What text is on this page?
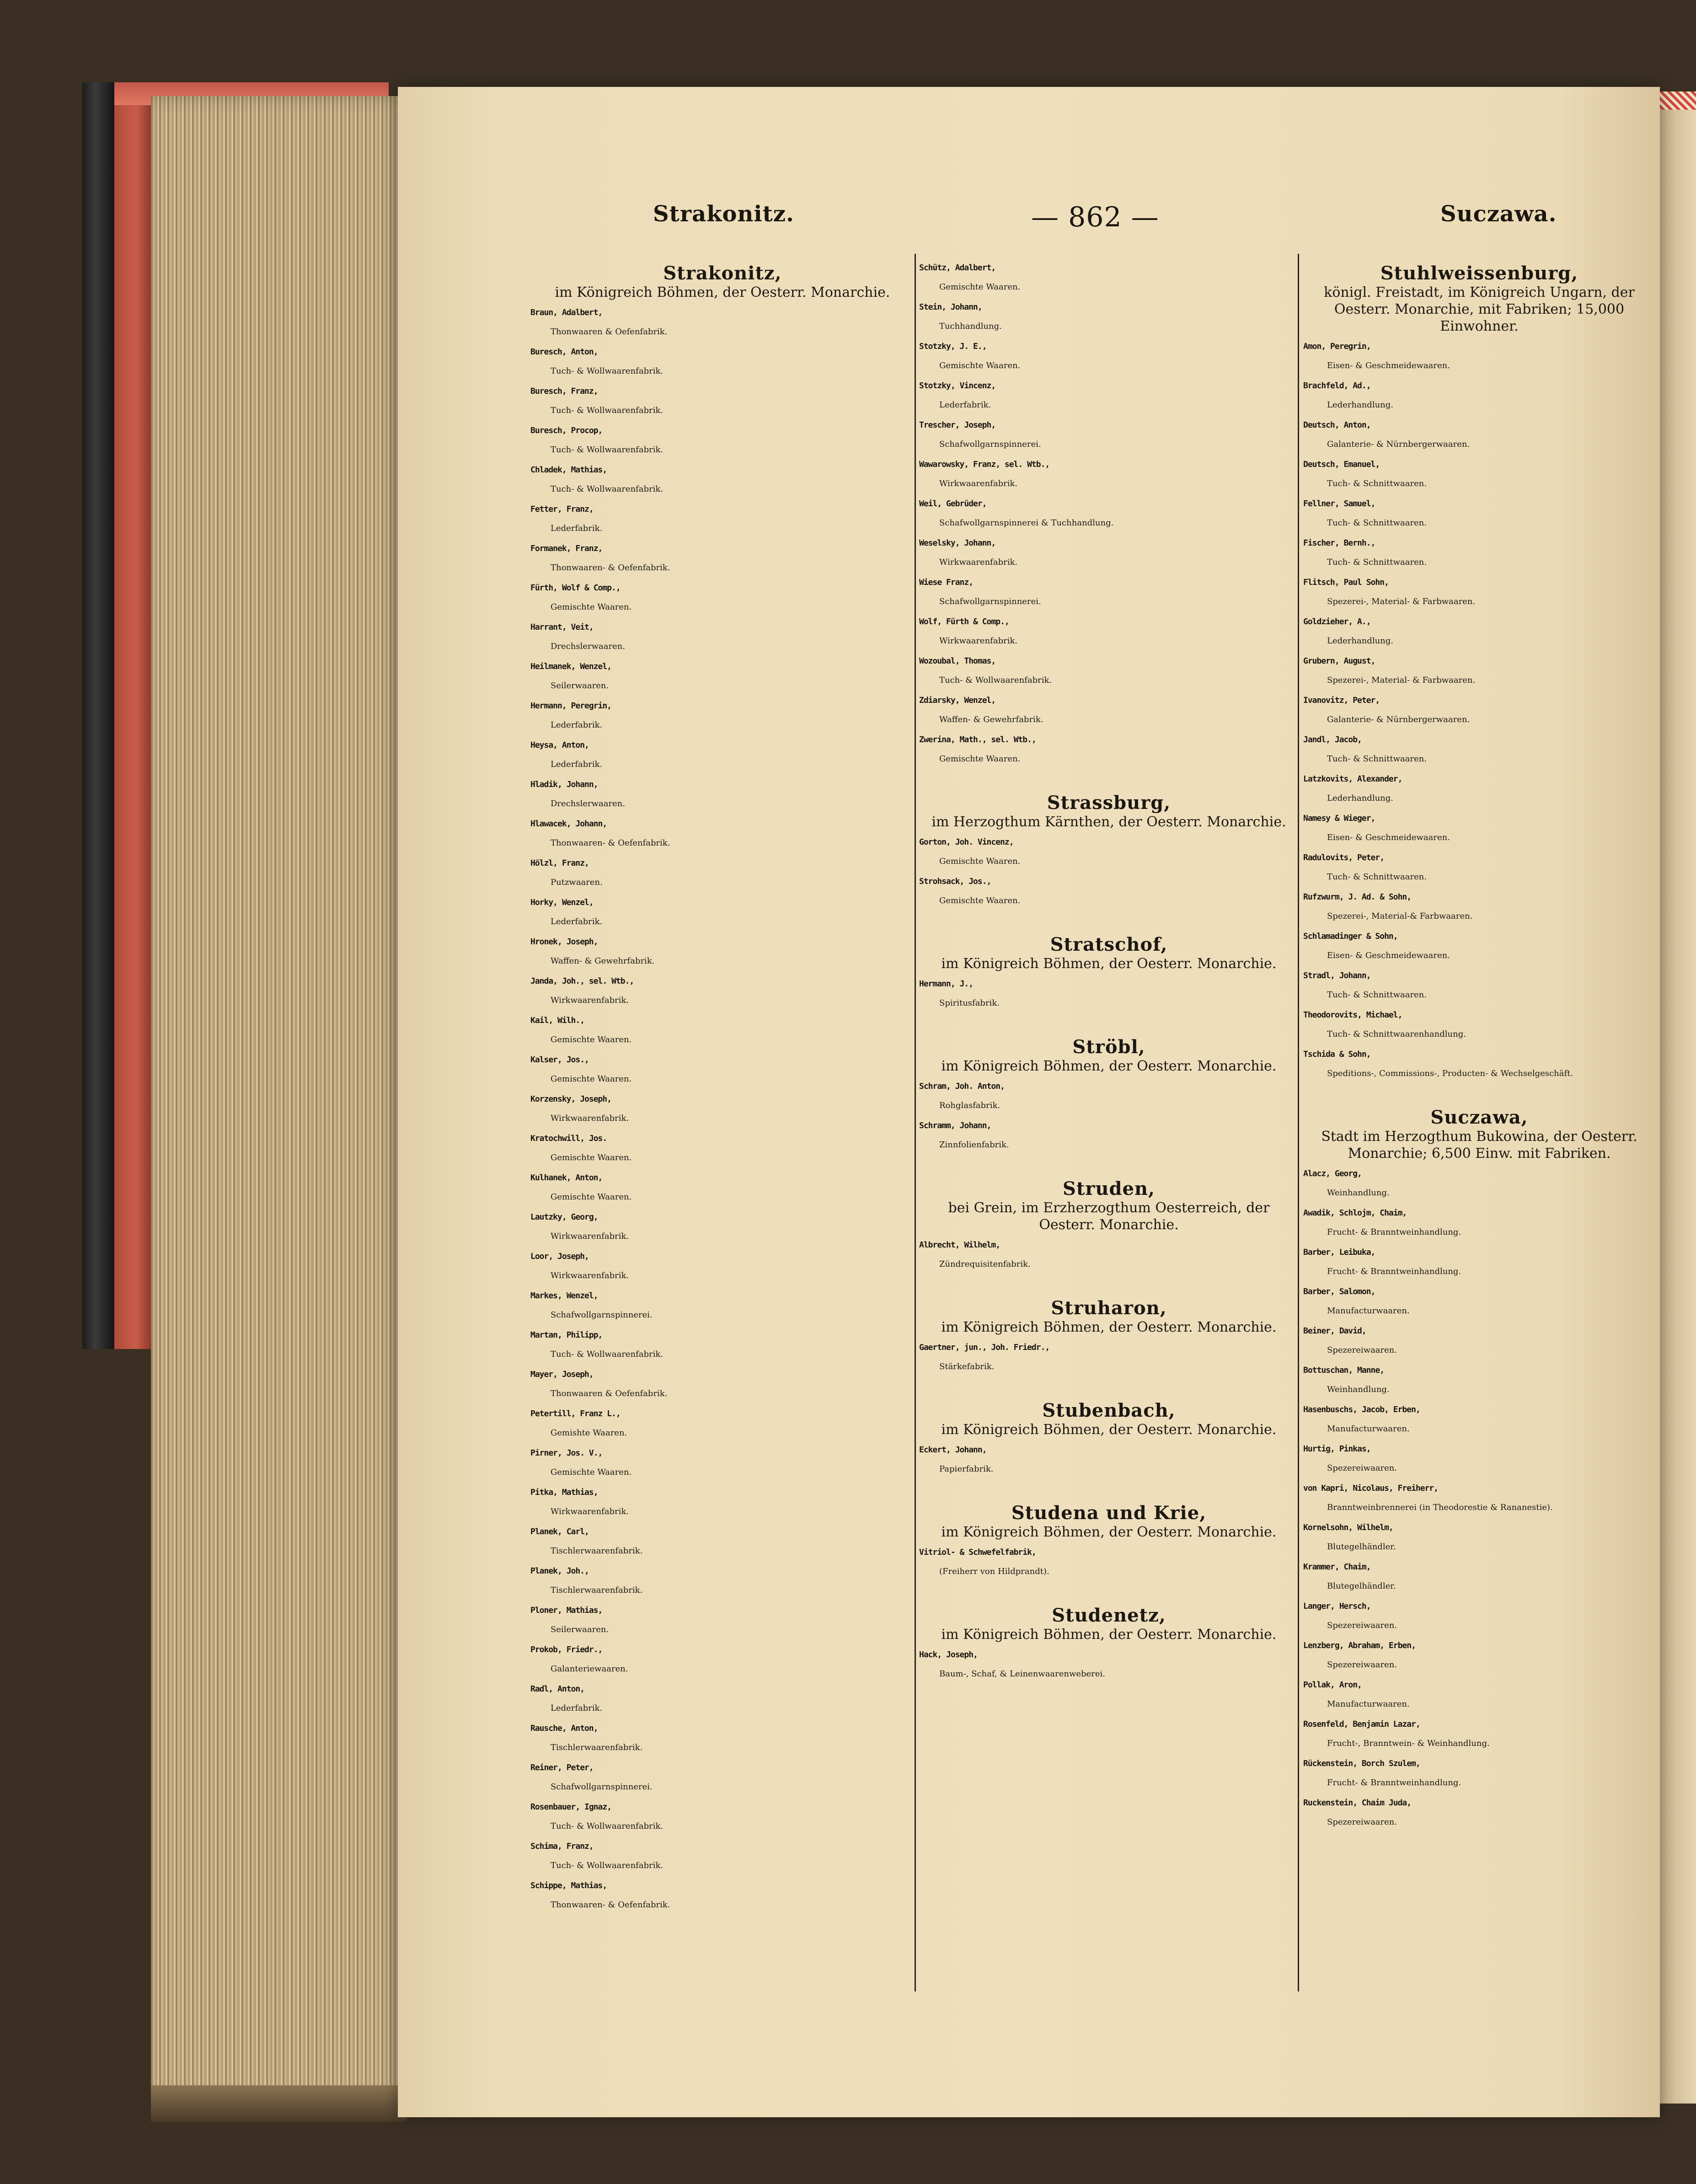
Strakonitz.	— 862 —	Suczawa.
Strakonitz,
im Königreich Böhmen, der Oesterr. Monarchie.
Braun, Adalbert,
Thonwaaren & Oefenfabrik.
Buresch, Anton,
Tuch- & Wollwaarenfabrik.
Buresch, Franz,
Tuch- & Wollwaarenfabrik.
Buresch, Procop,
Tuch- & Wollwaarenfabrik.
Chladek, Mathias,
Tuch- & Wollwaarenfabrik.
Fetter, Franz,
Lederfabrik.
Formanek, Franz,
Thonwaaren- & Oefenfabrik.
Fürth, Wolf & Comp.,
Gemischte Waaren.
Harrant, Veit,
Drechslerwaaren.
Heilmanek, Wenzel,
Seilerwaaren.
Hermann, Peregrin,
Lederfabrik.
Heysa, Anton,
Lederfabrik.
Hladik, Johann,
Drechslerwaaren.
Hlawacek, Johann,
Thonwaaren- & Oefenfabrik.
Hölzl, Franz,
Putzwaaren.
Horky, Wenzel,
Lederfabrik.
Hronek, Joseph,
Waffen- & Gewehrfabrik.
Janda, Joh., sel. Wtb.,
Wirkwaarenfabrik.
Kail, Wilh.,
Gemischte Waaren.
Kalser, Jos.,
Gemischte Waaren.
Korzensky, Joseph,
Wirkwaarenfabrik.
Kratochwill, Jos.
Gemischte Waaren.
Kulhanek, Anton,
Gemischte Waaren.
Lautzky, Georg,
Wirkwaarenfabrik.
Loor, Joseph,
Wirkwaarenfabrik.
Markes, Wenzel,
Schafwollgarnspinnerei.
Martan, Philipp,
Tuch- & Wollwaarenfabrik.
Mayer, Joseph,
Thonwaaren & Oefenfabrik.
Petertill, Franz L.,
Gemishte Waaren.
Pirner, Jos. V.,
Gemischte Waaren.
Pitka, Mathias,
Wirkwaarenfabrik.
Planek, Carl,
Tischlerwaarenfabrik.
Planek, Joh.,
Tischlerwaarenfabrik.
Ploner, Mathias,
Seilerwaaren.
Prokob, Friedr.,
Galanteriewaaren.
Radl, Anton,
Lederfabrik.
Rausche, Anton,
Tischlerwaarenfabrik.
Reiner, Peter,
Schafwollgarnspinnerei.
Rosenbauer, Ignaz,
Tuch- & Wollwaarenfabrik.
Schima, Franz,
Tuch- & Wollwaarenfabrik.
Schippe, Mathias,
Thonwaaren- & Oefenfabrik.
Schütz, Adalbert,
Gemischte Waaren.
Stein, Johann,
Tuchhandlung.
Stotzky, J. E.,
Gemischte Waaren.
Stotzky, Vincenz,
Lederfabrik.
Trescher, Joseph,
Schafwollgarnspinnerei.
Wawarowsky, Franz, sel. Wtb.,
Wirkwaarenfabrik.
Weil, Gebrüder,
Schafwollgarnspinnerei & Tuchhandlung.
Weselsky, Johann,
Wirkwaarenfabrik.
Wiese Franz,
Schafwollgarnspinnerei.
Wolf, Fürth & Comp.,
Wirkwaarenfabrik.
Wozoubal, Thomas,
Tuch- & Wollwaarenfabrik.
Zdiarsky, Wenzel,
Waffen- & Gewehrfabrik.
Zwerina, Math., sel. Wtb.,
Gemischte Waaren.
Strassburg,
im Herzogthum Kärnthen, der Oesterr. Monarchie.
Gorton, Joh. Vincenz,
Gemischte Waaren.
Strohsack, Jos.,
Gemischte Waaren.
Stratschof,
im Königreich Böhmen, der Oesterr. Monarchie.
Hermann, J.,
Spiritusfabrik.
Ströbl,
im Königreich Böhmen, der Oesterr. Monarchie.
Schram, Joh. Anton,
Rohglasfabrik.
Schramm, Johann,
Zinnfolienfabrik.
Struden,
bei Grein, im Erzherzogthum Oesterreich, der Oesterr. Monarchie.
Albrecht, Wilhelm,
Zündrequisitenfabrik.
Struharon,
im Königreich Böhmen, der Oesterr. Monarchie.
Gaertner, jun., Joh. Friedr.,
Stärkefabrik.
Stubenbach,
im Königreich Böhmen, der Oesterr. Monarchie.
Eckert, Johann,
Papierfabrik.
Studena und Krie,
im Königreich Böhmen, der Oesterr. Monarchie.
Vitriol- & Schwefelfabrik,
(Freiherr von Hildprandt).
Studenetz,
im Königreich Böhmen, der Oesterr. Monarchie.
Hack, Joseph,
Baum-, Schaf, & Leinenwaarenweberei.
Stuhlweissenburg,
königl. Freistadt, im Königreich Ungarn, der Oesterr. Monarchie, mit Fabriken; 15,000 Einwohner.
Amon, Peregrin,
Eisen- & Geschmeidewaaren.
Brachfeld, Ad.,
Lederhandlung.
Deutsch, Anton,
Galanterie- & Nürnbergerwaaren.
Deutsch, Emanuel,
Tuch- & Schnittwaaren.
Fellner, Samuel,
Tuch- & Schnittwaaren.
Fischer, Bernh.,
Tuch- & Schnittwaaren.
Flitsch, Paul Sohn,
Spezerei-, Material- & Farbwaaren.
Goldzieher, A.,
Lederhandlung.
Grubern, August,
Spezerei-, Material- & Farbwaaren.
Ivanovitz, Peter,
Galanterie- & Nürnbergerwaaren.
Jandl, Jacob,
Tuch- & Schnittwaaren.
Latzkovits, Alexander,
Lederhandlung.
Namesy & Wieger,
Eisen- & Geschmeidewaaren.
Radulovits, Peter,
Tuch- & Schnittwaaren.
Rufzwurm, J. Ad. & Sohn,
Spezerei-, Material-& Farbwaaren.
Schlamadinger & Sohn,
Eisen- & Geschmeidewaaren.
Stradl, Johann,
Tuch- & Schnittwaaren.
Theodorovits, Michael,
Tuch- & Schnittwaarenhandlung.
Tschida & Sohn,
Speditions-, Commissions-, Producten- & Wechselgeschäft.
Suczawa,
Stadt im Herzogthum Bukowina, der Oesterr. Monarchie; 6,500 Einw. mit Fabriken.
Alacz, Georg,
Weinhandlung.
Awadik, Schlojm, Chaim,
Frucht- & Branntweinhandlung.
Barber, Leibuka,
Frucht- & Branntweinhandlung.
Barber, Salomon,
Manufacturwaaren.
Beiner, David,
Spezereiwaaren.
Bottuschan, Manne,
Weinhandlung.
Hasenbuschs, Jacob, Erben,
Manufacturwaaren.
Hurtig, Pinkas,
Spezereiwaaren.
von Kapri, Nicolaus, Freiherr,
Branntweinbrennerei (in Theodorestie & Rananestie).
Kornelsohn, Wilhelm,
Blutegelhändler.
Krammer, Chaim,
Blutegelhändler.
Langer, Hersch,
Spezereiwaaren.
Lenzberg, Abraham, Erben,
Spezereiwaaren.
Pollak, Aron,
Manufacturwaaren.
Rosenfeld, Benjamin Lazar,
Frucht-, Branntwein- & Weinhandlung.
Rückenstein, Borch Szulem,
Frucht- & Branntweinhandlung.
Ruckenstein, Chaim Juda,
Spezereiwaaren.
